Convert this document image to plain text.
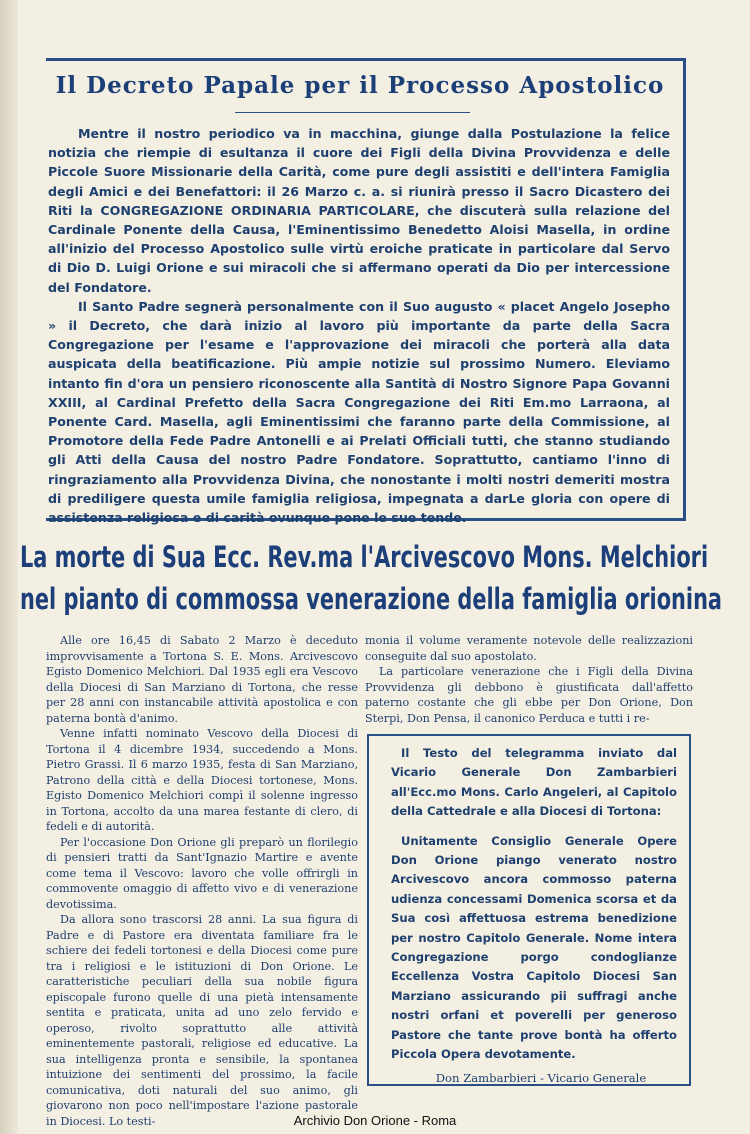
Il Decreto Papale per il Processo Apostolico

Mentre il nostro periodico va in macchina, giunge dalla Postulazione la felice notizia che riempie di esultanza il cuore dei Figli della Divina Provvidenza e delle Piccole Suore Missionarie della Carità, come pure degli assistiti e dell'intera Famiglia degli Amici e dei Benefattori: il 26 Marzo c. a. si riunirà presso il Sacro Dicastero dei Riti la CONGREGAZIONE ORDINARIA PARTICOLARE, che discuterà sulla relazione del Cardinale Ponente della Causa, l'Eminentissimo Benedetto Aloisi Masella, in ordine all'inizio del Processo Apostolico sulle virtù eroiche praticate in particolare dal Servo di Dio D. Luigi Orione e sui miracoli che si affermano operati da Dio per intercessione del Fondatore.

Il Santo Padre segnerà personalmente con il Suo augusto « placet Angelo Josepho » il Decreto, che darà inizio al lavoro più importante da parte della Sacra Congregazione per l'esame e l'approvazione dei miracoli che porterà alla data auspicata della beatificazione. Più ampie notizie sul prossimo Numero. Eleviamo intanto fin d'ora un pensiero riconoscente alla Santità di Nostro Signore Papa Govanni XXIII, al Cardinal Prefetto della Sacra Congregazione dei Riti Em.mo Larraona, al Ponente Card. Masella, agli Eminentissimi che faranno parte della Commissione, al Promotore della Fede Padre Antonelli e ai Prelati Officiali tutti, che stanno studiando gli Atti della Causa del nostro Padre Fondatore. Soprattutto, cantiamo l'inno di ringraziamento alla Provvidenza Divina, che nonostante i molti nostri demeriti mostra di prediligere questa umile famiglia religiosa, impegnata a darLe gloria con opere di assistenza religiosa e di carità ovunque pone le sue tende.

La morte di Sua Ecc. Rev.ma l'Arcivescovo Mons. Melchiori
nel pianto di commossa venerazione della famiglia orionina

Alle ore 16,45 di Sabato 2 Marzo è deceduto improvvisamente a Tortona S. E. Mons. Arcivescovo Egisto Domenico Melchiori. Dal 1935 egli era Vescovo della Diocesi di San Marziano di Tortona, che resse per 28 anni con instancabile attività apostolica e con paterna bontà d'animo.

Venne infatti nominato Vescovo della Diocesi di Tortona il 4 dicembre 1934, succedendo a Mons. Pietro Grassi. Il 6 marzo 1935, festa di San Marziano, Patrono della città e della Diocesi tortonese, Mons. Egisto Domenico Melchiori compì il solenne ingresso in Tortona, accolto da una marea festante di clero, di fedeli e di autorità.

Per l'occasione Don Orione gli preparò un florilegio di pensieri tratti da Sant'Ignazio Martire e avente come tema il Vescovo: lavoro che volle offrirgli in commovente omaggio di affetto vivo e di venerazione devotissima.

Da allora sono trascorsi 28 anni. La sua figura di Padre e di Pastore era diventata familiare fra le schiere dei fedeli tortonesi e della Diocesi come pure tra i religiosi e le istituzioni di Don Orione. Le caratteristiche peculiari della sua nobile figura episcopale furono quelle di una pietà intensamente sentita e praticata, unita ad uno zelo fervido e operoso, rivolto soprattutto alle attività eminentemente pastorali, religiose ed educative. La sua intelligenza pronta e sensibile, la spontanea intuizione dei sentimenti del prossimo, la facile comunicativa, doti naturali del suo animo, gli giovarono non poco nell'impostare l'azione pastorale in Diocesi. Lo testi-

monia il volume veramente notevole delle realizzazioni conseguite dal suo apostolato.

La particolare venerazione che i Figli della Divina Provvidenza gli debbono è giustificata dall'affetto paterno costante che gli ebbe per Don Orione, Don Sterpi, Don Pensa, il canonico Perduca e tutti i re-

Il Testo del telegramma inviato dal Vicario Generale Don Zambarbieri all'Ecc.mo Mons. Carlo Angeleri, al Capitolo della Cattedrale e alla Diocesi di Tortona:

Unitamente Consiglio Generale Opere Don Orione piango venerato nostro Arcivescovo ancora commosso paterna udienza concessami Domenica scorsa et da Sua così affettuosa estrema benedizione per nostro Capitolo Generale. Nome intera Congregazione porgo condoglianze Eccellenza Vostra Capitolo Diocesi San Marziano assicurando pii suffragi anche nostri orfani et poverelli per generoso Pastore che tante prove bontà ha offerto Piccola Opera devotamente.

Don Zambarbieri - Vicario Generale

Archivio Don Orione - Roma
